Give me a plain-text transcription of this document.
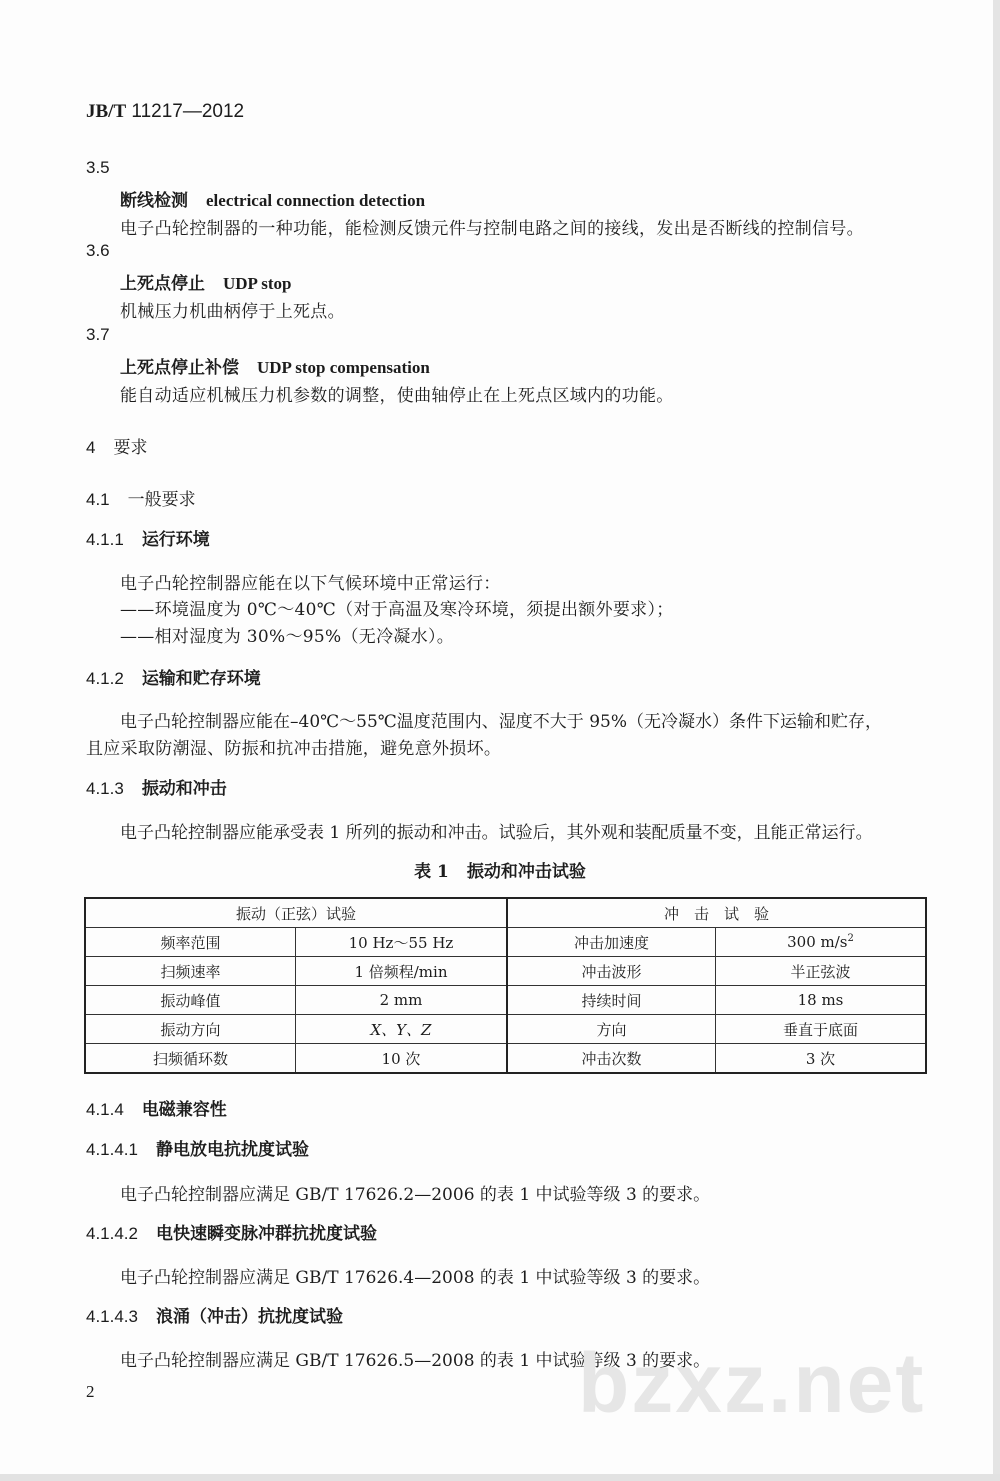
JB/T 11217—2012
3.5
断线检测 electrical connection detection
电子凸轮控制器的一种功能，能检测反馈元件与控制电路之间的接线，发出是否断线的控制信号。
3.6
上死点停止 UDP stop
机械压力机曲柄停于上死点。
3.7
上死点停止补偿 UDP stop compensation
能自动适应机械压力机参数的调整，使曲轴停止在上死点区域内的功能。
4 要求
4.1 一般要求
4.1.1 运行环境
电子凸轮控制器应能在以下气候环境中正常运行：
——环境温度为 0℃～40℃（对于高温及寒冷环境，须提出额外要求）；
——相对湿度为 30%～95%（无冷凝水）。
4.1.2 运输和贮存环境
电子凸轮控制器应能在–40℃～55℃温度范围内、湿度不大于 95%（无冷凝水）条件下运输和贮存，
且应采取防潮湿、防振和抗冲击措施，避免意外损坏。
4.1.3 振动和冲击
电子凸轮控制器应能承受表 1 所列的振动和冲击。试验后，其外观和装配质量不变，且能正常运行。
表 1 振动和冲击试验
振动（正弦）试验		冲　击　试　验	
频率范围	10 Hz～55 Hz	冲击加速度	300 $m/s^2$
扫频速率	1 倍频程/min	冲击波形	半正弦波
振动峰值	2 mm	持续时间	18 ms
振动方向	X、Y、Z	方向	垂直于底面
扫频循环数	10 次	冲击次数	3 次
4.1.4 电磁兼容性
4.1.4.1 静电放电抗扰度试验
电子凸轮控制器应满足 GB/T 17626.2—2006 的表 1 中试验等级 3 的要求。
4.1.4.2 电快速瞬变脉冲群抗扰度试验
电子凸轮控制器应满足 GB/T 17626.4—2008 的表 1 中试验等级 3 的要求。
4.1.4.3 浪涌（冲击）抗扰度试验
电子凸轮控制器应满足 GB/T 17626.5—2008 的表 1 中试验等级 3 的要求。
bzxz.net
2
